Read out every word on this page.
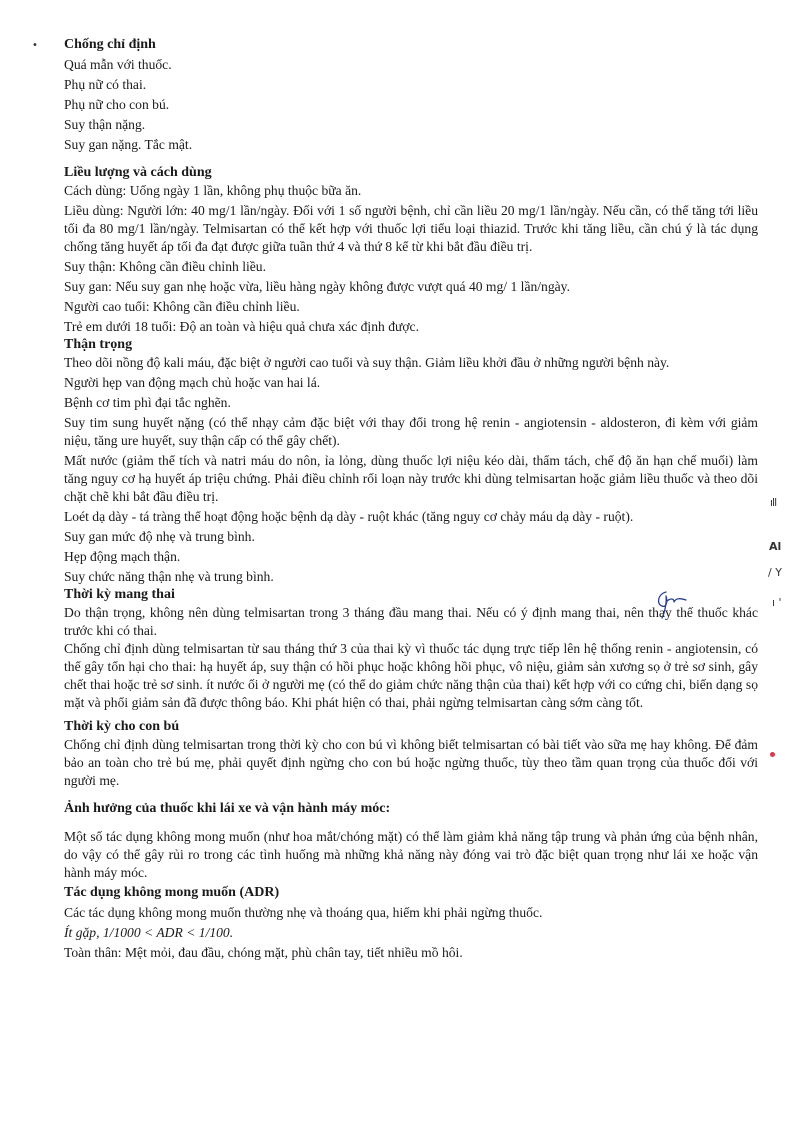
Chống chỉ định
Quá mẫn với thuốc.
Phụ nữ có thai.
Phụ nữ cho con bú.
Suy thận nặng.
Suy gan nặng. Tắc mật.
Liều lượng và cách dùng
Cách dùng: Uống ngày 1 lần, không phụ thuộc bữa ăn.
Liều dùng: Người lớn: 40 mg/1 lần/ngày. Đối với 1 số người bệnh, chỉ cần liều 20 mg/1 lần/ngày. Nếu cần, có thể tăng tới liều tối đa 80 mg/1 lần/ngày. Telmisartan có thể kết hợp với thuốc lợi tiểu loại thiazid. Trước khi tăng liều, cần chú ý là tác dụng chống tăng huyết áp tối đa đạt được giữa tuần thứ 4 và thứ 8 kể từ khi bắt đầu điều trị.
Suy thận: Không cần điều chỉnh liều.
Suy gan: Nếu suy gan nhẹ hoặc vừa, liều hàng ngày không được vượt quá 40 mg/ 1 lần/ngày.
Người cao tuổi: Không cần điều chỉnh liều.
Trẻ em dưới 18 tuổi: Độ an toàn và hiệu quả chưa xác định được.
Thận trọng
Theo dõi nồng độ kali máu, đặc biệt ở người cao tuổi và suy thận. Giảm liều khởi đầu ở những người bệnh này.
Người hẹp van động mạch chủ hoặc van hai lá.
Bệnh cơ tim phì đại tắc nghẽn.
Suy tim sung huyết nặng (có thể nhạy cảm đặc biệt với thay đổi trong hệ renin - angiotensin - aldosteron, đi kèm với giảm niệu, tăng ure huyết, suy thận cấp có thể gây chết).
Mất nước (giảm thể tích và natri máu do nôn, ỉa lỏng, dùng thuốc lợi niệu kéo dài, thẩm tách, chế độ ăn hạn chế muối) làm tăng nguy cơ hạ huyết áp triệu chứng. Phải điều chỉnh rối loạn này trước khi dùng telmisartan hoặc giảm liều thuốc và theo dõi chặt chẽ khi bắt đầu điều trị.
Loét dạ dày - tá tràng thể hoạt động hoặc bệnh dạ dày - ruột khác (tăng nguy cơ chảy máu dạ dày - ruột).
Suy gan mức độ nhẹ và trung bình.
Hẹp động mạch thận.
Suy chức năng thận nhẹ và trung bình.
Thời kỳ mang thai
Do thận trọng, không nên dùng telmisartan trong 3 tháng đầu mang thai. Nếu có ý định mang thai, nên thay thế thuốc khác trước khi có thai.
Chống chỉ định dùng telmisartan từ sau tháng thứ 3 của thai kỳ vì thuốc tác dụng trực tiếp lên hệ thống renin - angiotensin, có thể gây tổn hại cho thai: hạ huyết áp, suy thận có hồi phục hoặc không hồi phục, vô niệu, giảm sản xương sọ ở trẻ sơ sinh, gây chết thai hoặc trẻ sơ sinh. ít nước ối ở người mẹ (có thể do giảm chức năng thận của thai) kết hợp với co cứng chi, biến dạng sọ mặt và phổi giảm sản đã được thông báo. Khi phát hiện có thai, phải ngừng telmisartan càng sớm càng tốt.
Thời kỳ cho con bú
Chống chỉ định dùng telmisartan trong thời kỳ cho con bú vì không biết telmisartan có bài tiết vào sữa mẹ hay không. Để đảm bảo an toàn cho trẻ bú mẹ, phải quyết định ngừng cho con bú hoặc ngừng thuốc, tùy theo tầm quan trọng của thuốc đối với người mẹ.
Ảnh hưởng của thuốc khi lái xe và vận hành máy móc:
Một số tác dụng không mong muốn (như hoa mắt/chóng mặt) có thể làm giảm khả năng tập trung và phản ứng của bệnh nhân, do vậy có thể gây rủi ro trong các tình huống mà những khả năng này đóng vai trò đặc biệt quan trọng như lái xe hoặc vận hành máy móc.
Tác dụng không mong muốn (ADR)
Các tác dụng không mong muốn thường nhẹ và thoáng qua, hiếm khi phải ngừng thuốc.
Ít gặp, 1/1000 < ADR < 1/100.
Toàn thân: Mệt mỏi, đau đầu, chóng mặt, phù chân tay, tiết nhiều mồ hôi.
•
ıll
Al
/ Y
ı '
